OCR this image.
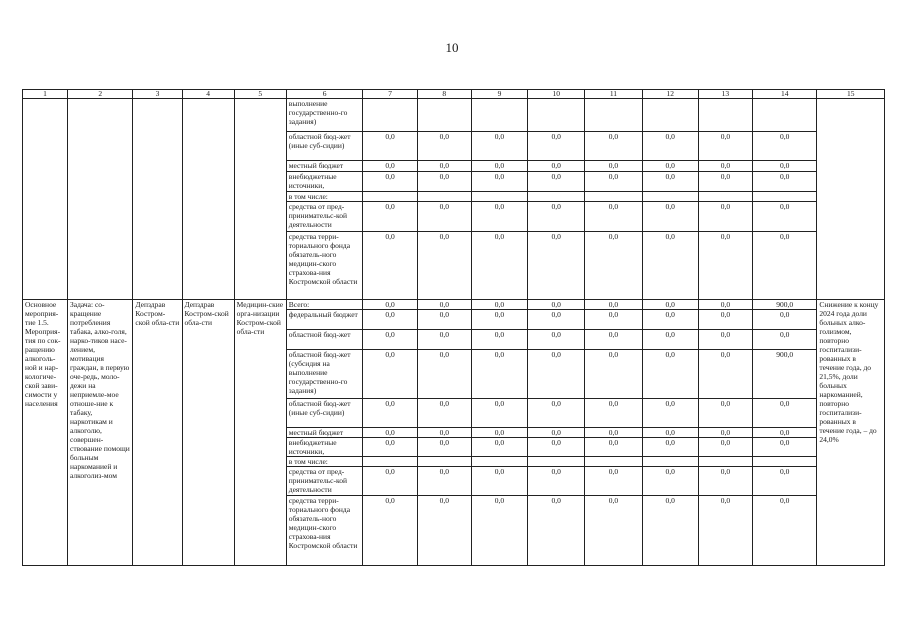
10
1	2	3	4	5	6	7	8	9	10	11	12	13	14	15
					выполнение государственно-го задания)									
					областной бюд-жет (иные суб-сидии)	0,0	0,0	0,0	0,0	0,0	0,0	0,0	0,0	
					местный бюджет	0,0	0,0	0,0	0,0	0,0	0,0	0,0	0,0	
					внебюджетные источники,	0,0	0,0	0,0	0,0	0,0	0,0	0,0	0,0	
					в том числе:									
					средства от пред-принимательс-кой деятельности	0,0	0,0	0,0	0,0	0,0	0,0	0,0	0,0	
					средства терри-ториального фонда обязатель-ного медицин-ского страхова-ния Костромской области	0,0	0,0	0,0	0,0	0,0	0,0	0,0	0,0	
Основное мероприя-тие 1.5. Мероприя-тия по сок-ращению алкоголь-ной и нар-кологиче-ской зави-симости у населения	Задача: со-кращение потребления табака, алко-голя, нарко-тиков насе-лением, мотивация граждан, в первую оче-редь, моло-дежи на неприемле-мое отноше-ние к табаку, наркотикам и алкоголю, совершен-ствование помощи больным наркоманией и алкоголиз-мом	Депздрав Костром-ской обла-сти	Депздрав Костром-ской обла-сти	Медицин-ские орга-низации Костром-ской обла-сти	Всего:	0,0	0,0	0,0	0,0	0,0	0,0	0,0	900,0	Снижение к концу 2024 года доли больных алко-голизмом, повторно госпитализи-рованных в течение года, до 21,5%, доли больных наркоманией, повторно госпитализи-рованных в течение года, – до 24,0%
					федеральный бюджет	0,0	0,0	0,0	0,0	0,0	0,0	0,0	0,0	
					областной бюд-жет	0,0	0,0	0,0	0,0	0,0	0,0	0,0	0,0	
					областной бюд-жет (субсидия на выполнение государственно-го задания)	0,0	0,0	0,0	0,0	0,0	0,0	0,0	900,0	
					областной бюд-жет (иные суб-сидии)	0,0	0,0	0,0	0,0	0,0	0,0	0,0	0,0	
					местный бюджет	0,0	0,0	0,0	0,0	0,0	0,0	0,0	0,0	
					внебюджетные источники,	0,0	0,0	0,0	0,0	0,0	0,0	0,0	0,0	
					в том числе:									
					средства от пред-принимательс-кой деятельности	0,0	0,0	0,0	0,0	0,0	0,0	0,0	0,0	
					средства терри-ториального фонда обязатель-ного медицин-ского страхова-ния Костромской области	0,0	0,0	0,0	0,0	0,0	0,0	0,0	0,0	
